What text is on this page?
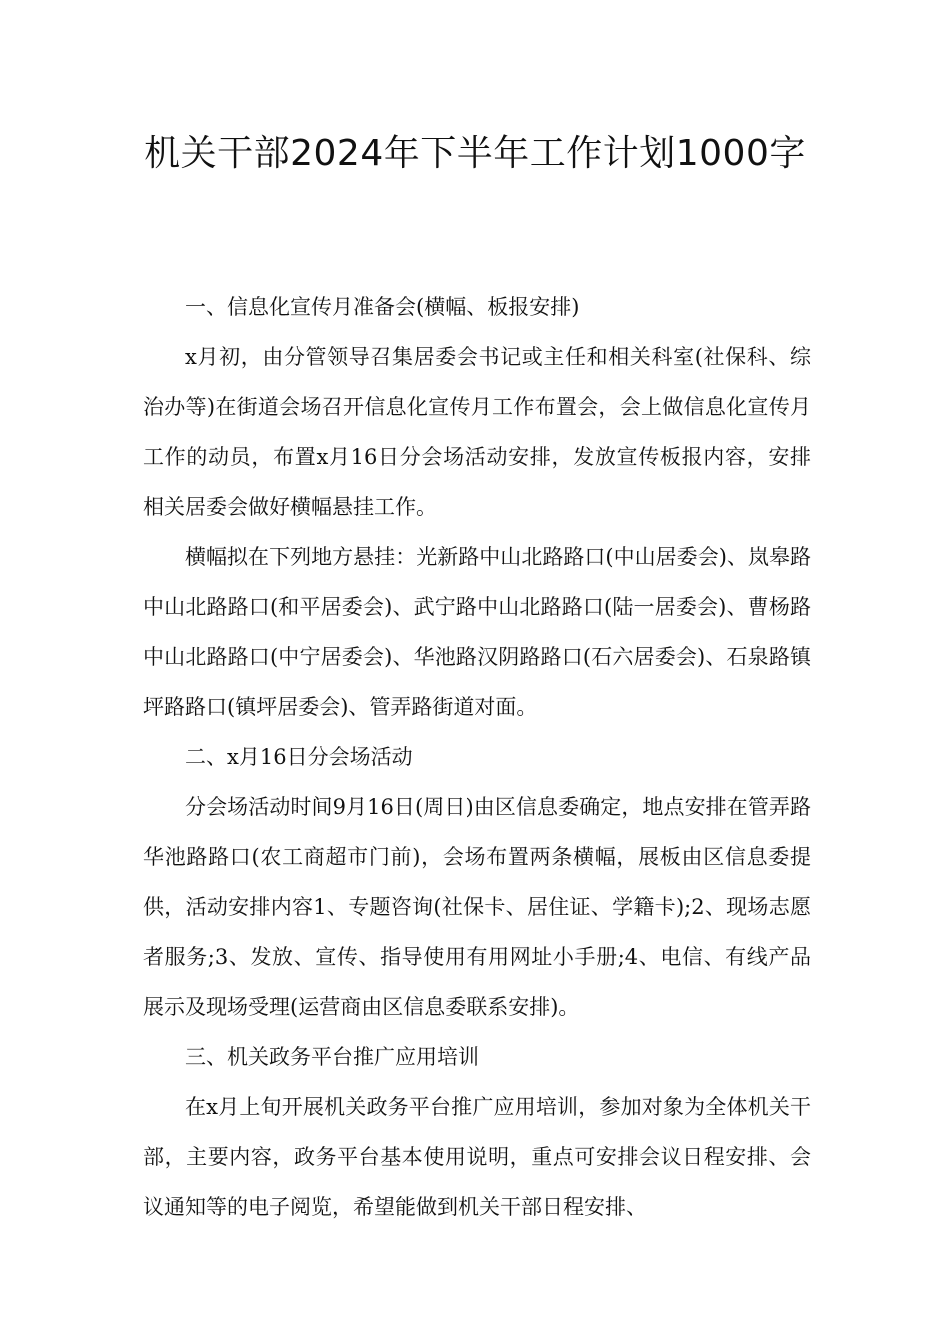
机关干部2024年下半年工作计划1000字

一、信息化宣传月准备会(横幅、板报安排)

x月初，由分管领导召集居委会书记或主任和相关科室(社保科、综治办等)在街道会场召开信息化宣传月工作布置会，会上做信息化宣传月工作的动员，布置x月16日分会场活动安排，发放宣传板报内容，安排相关居委会做好横幅悬挂工作。

横幅拟在下列地方悬挂：光新路中山北路路口(中山居委会)、岚皋路中山北路路口(和平居委会)、武宁路中山北路路口(陆一居委会)、曹杨路中山北路路口(中宁居委会)、华池路汉阴路路口(石六居委会)、石泉路镇坪路路口(镇坪居委会)、管弄路街道对面。

二、x月16日分会场活动

分会场活动时间9月16日(周日)由区信息委确定，地点安排在管弄路华池路路口(农工商超市门前)，会场布置两条横幅，展板由区信息委提供，活动安排内容1、专题咨询(社保卡、居住证、学籍卡);2、现场志愿者服务;3、发放、宣传、指导使用有用网址小手册;4、电信、有线产品展示及现场受理(运营商由区信息委联系安排)。

三、机关政务平台推广应用培训

在x月上旬开展机关政务平台推广应用培训，参加对象为全体机关干部，主要内容，政务平台基本使用说明，重点可安排会议日程安排、会议通知等的电子阅览，希望能做到机关干部日程安排、
